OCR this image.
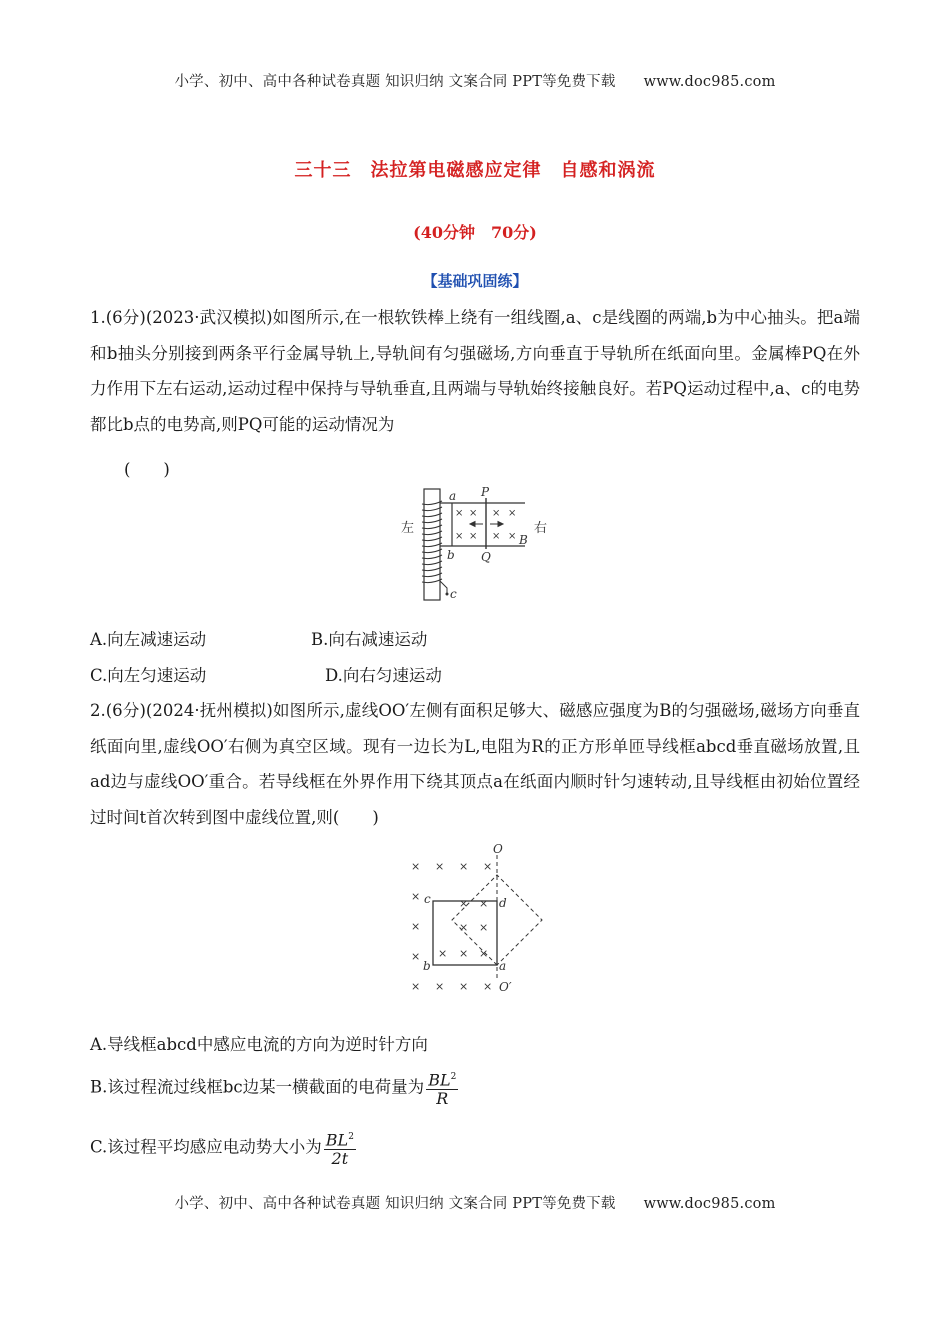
小学、初中、高中各种试卷真题 知识归纳 文案合同 PPT等免费下载 www.doc985.com
三十三　法拉第电磁感应定律　自感和涡流
(40分钟　70分)
【基础巩固练】

1.(6分)(2023·武汉模拟)如图所示,在一根软铁棒上绕有一组线圈,a、c是线圈的两端,b为中心抽头。把a端和b抽头分别接到两条平行金属导轨上,导轨间有匀强磁场,方向垂直于导轨所在纸面向里。金属棒PQ在外力作用下左右运动,运动过程中保持与导轨垂直,且两端与导轨始终接触良好。若PQ运动过程中,a、c的电势都比b点的电势高,则PQ可能的运动情况为

(　　)
× × × ×
× × × ×
左	右
a
b
c
P
Q
B
A.向左减速运动	B.向右减速运动
C.向左匀速运动	D.向右匀速运动

2.(6分)(2024·抚州模拟)如图所示,虚线OO′左侧有面积足够大、磁感应强度为B的匀强磁场,磁场方向垂直纸面向里,虚线OO′右侧为真空区域。现有一边长为L,电阻为R的正方形单匝导线框abcd垂直磁场放置,且ad边与虚线OO′重合。若导线框在外界作用下绕其顶点a在纸面内顺时针匀速转动,且导线框由初始位置经过时间t首次转到图中虚线位置,则(　　)

× × × ×
×
× ×
×	× ×
× × × ×
× × × ×
O
O′
a
b
c	d
A.导线框abcd中感应电流的方向为逆时针方向
B.该过程流过线框bc边某一横截面的电荷量为 $\frac{BL^2}{R}$
C.该过程平均感应电动势大小为 $\frac{BL^2}{2t}$
小学、初中、高中各种试卷真题 知识归纳 文案合同 PPT等免费下载 www.doc985.com
